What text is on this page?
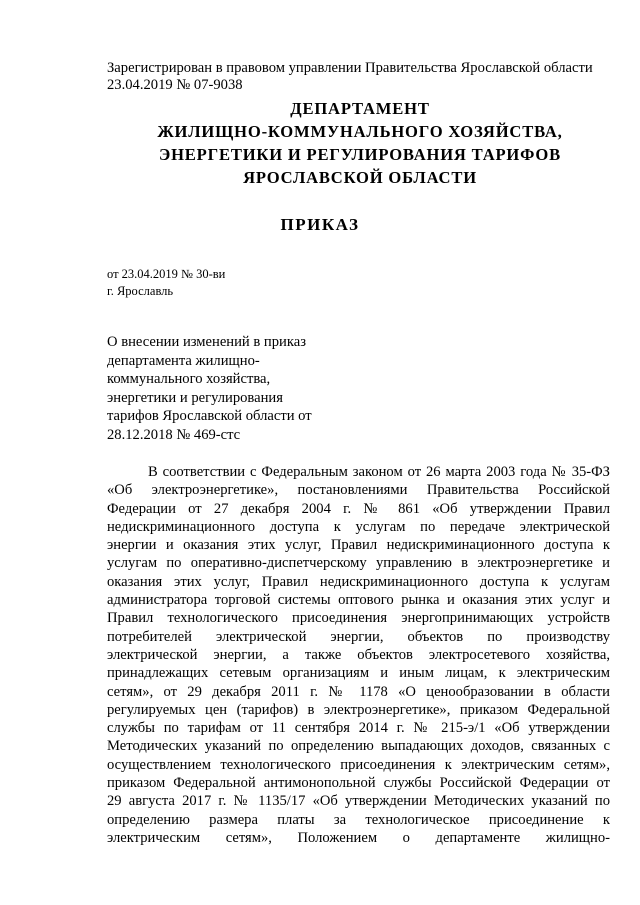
Зарегистрирован в правовом управлении Правительства Ярославской области
23.04.2019 № 07-9038
ДЕПАРТАМЕНТ
ЖИЛИЩНО-КОММУНАЛЬНОГО ХОЗЯЙСТВА,
ЭНЕРГЕТИКИ И РЕГУЛИРОВАНИЯ ТАРИФОВ
ЯРОСЛАВСКОЙ ОБЛАСТИ
ПРИКАЗ
от 23.04.2019 № 30-ви
г. Ярославль
О внесении изменений в приказ
департамента жилищно-
коммунального хозяйства,
энергетики и регулирования
тарифов Ярославской области от
28.12.2018 № 469-стс
В соответствии с Федеральным законом от 26 марта 2003 года № 35-ФЗ
«Об электроэнергетике», постановлениями Правительства Российской
Федерации от 27 декабря 2004 г. № 861 «Об утверждении Правил
недискриминационного доступа к услугам по передаче электрической
энергии и оказания этих услуг, Правил недискриминационного доступа к
услугам по оперативно-диспетчерскому управлению в электроэнергетике и
оказания этих услуг, Правил недискриминационного доступа к услугам
администратора торговой системы оптового рынка и оказания этих услуг и
Правил технологического присоединения энергопринимающих устройств
потребителей электрической энергии, объектов по производству
электрической энергии, а также объектов электросетевого хозяйства,
принадлежащих сетевым организациям и иным лицам, к электрическим
сетям», от 29 декабря 2011 г. № 1178 «О ценообразовании в области
регулируемых цен (тарифов) в электроэнергетике», приказом Федеральной
службы по тарифам от 11 сентября 2014 г. № 215-э/1 «Об утверждении
Методических указаний по определению выпадающих доходов, связанных с
осуществлением технологического присоединения к электрическим сетям»,
приказом Федеральной антимонопольной службы Российской Федерации от
29 августа 2017 г. № 1135/17 «Об утверждении Методических указаний по
определению размера платы за технологическое присоединение к
электрическим сетям», Положением о департаменте жилищно-
